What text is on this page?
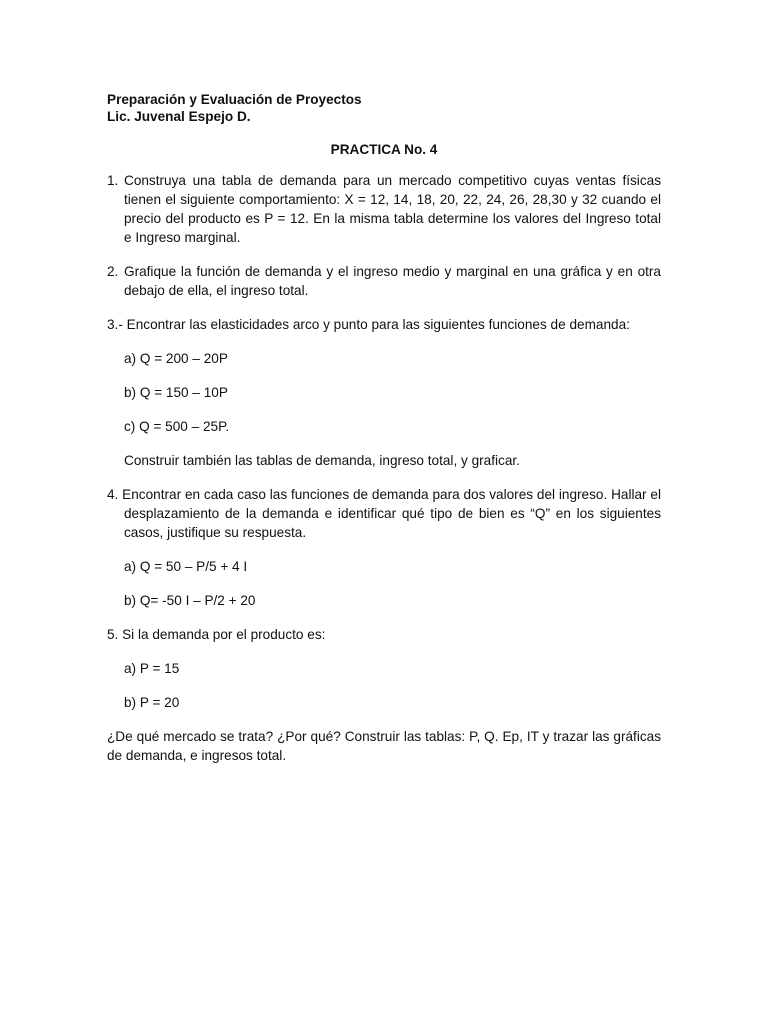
Preparación y Evaluación de Proyectos
Lic. Juvenal Espejo D.
PRACTICA No. 4
1. Construya una tabla de demanda para un mercado competitivo cuyas ventas físicas tienen el siguiente comportamiento: X = 12, 14, 18, 20, 22, 24, 26, 28,30 y 32 cuando el precio del producto es P = 12. En la misma tabla determine los valores del Ingreso total e Ingreso marginal.
2. Grafique la función de demanda y el ingreso medio y marginal en una gráfica y en otra debajo de ella, el ingreso total.
3.- Encontrar las elasticidades arco y punto para las siguientes funciones de demanda:
a) Q = 200 – 20P
b) Q = 150 – 10P
c) Q = 500 – 25P.
Construir también las tablas de demanda, ingreso total, y graficar.
4. Encontrar en cada caso las funciones de demanda para dos valores del ingreso. Hallar el desplazamiento de la demanda e identificar qué tipo de bien es “Q” en los siguientes casos, justifique su respuesta.
a) Q = 50 – P/5 + 4 I
b) Q= -50 I – P/2 + 20
5. Si la demanda por el producto es:
a) P = 15
b) P = 20
¿De qué mercado se trata? ¿Por qué? Construir las tablas: P, Q. Ep, IT y trazar las gráficas de demanda, e ingresos total.
